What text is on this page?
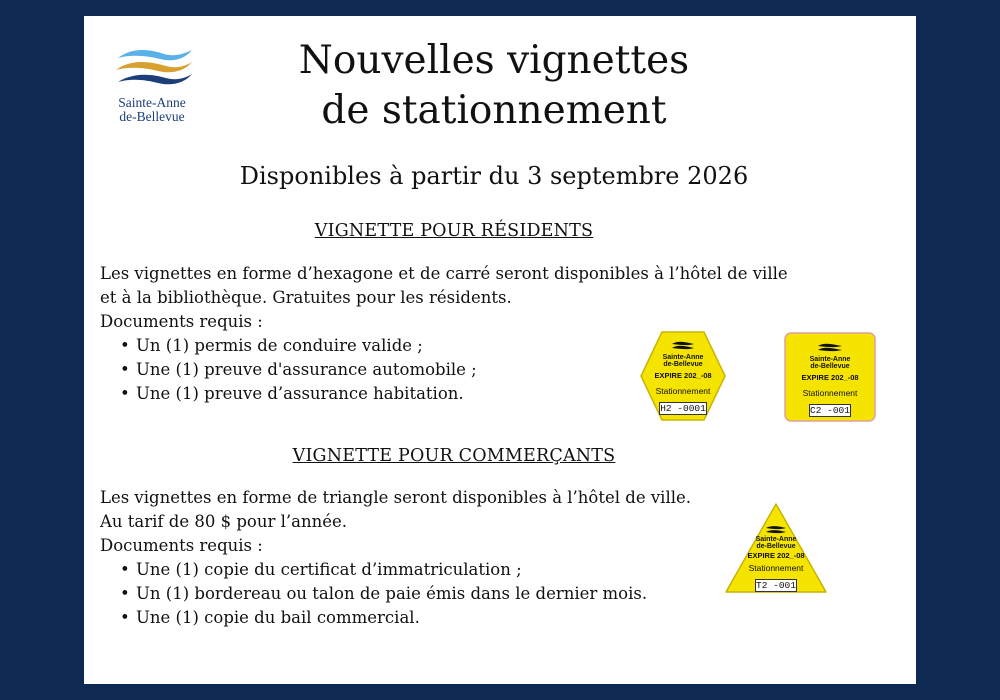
Sainte-Anne
de-Bellevue
Nouvelles vignettes
de stationnement
Disponibles à partir du 3 septembre 2026
VIGNETTE POUR RÉSIDENTS

Les vignettes en forme d’hexagone et de carré seront disponibles à l’hôtel de ville

et à la bibliothèque. Gratuites pour les résidents.

Documents requis :

• Un (1) permis de conduire valide ;
• Une (1) preuve d'assurance automobile ;
• Une (1) preuve d’assurance habitation.
VIGNETTE POUR COMMERÇANTS

Les vignettes en forme de triangle seront disponibles à l’hôtel de ville.

Au tarif de 80 $ pour l’année.

Documents requis :

• Une (1) copie du certificat d’immatriculation ;
• Un (1) bordereau ou talon de paie émis dans le dernier mois.
• Une (1) copie du bail commercial.
Sainte-Anne
de-Bellevue
EXPIRE 202_-08
Stationnement
H2 -0001
Sainte-Anne
de-Bellevue
EXPIRE 202_-08
Stationnement
C2 -001
Sainte-Anne
de-Bellevue
EXPIRE 202_-08
Stationnement
T2 -001
